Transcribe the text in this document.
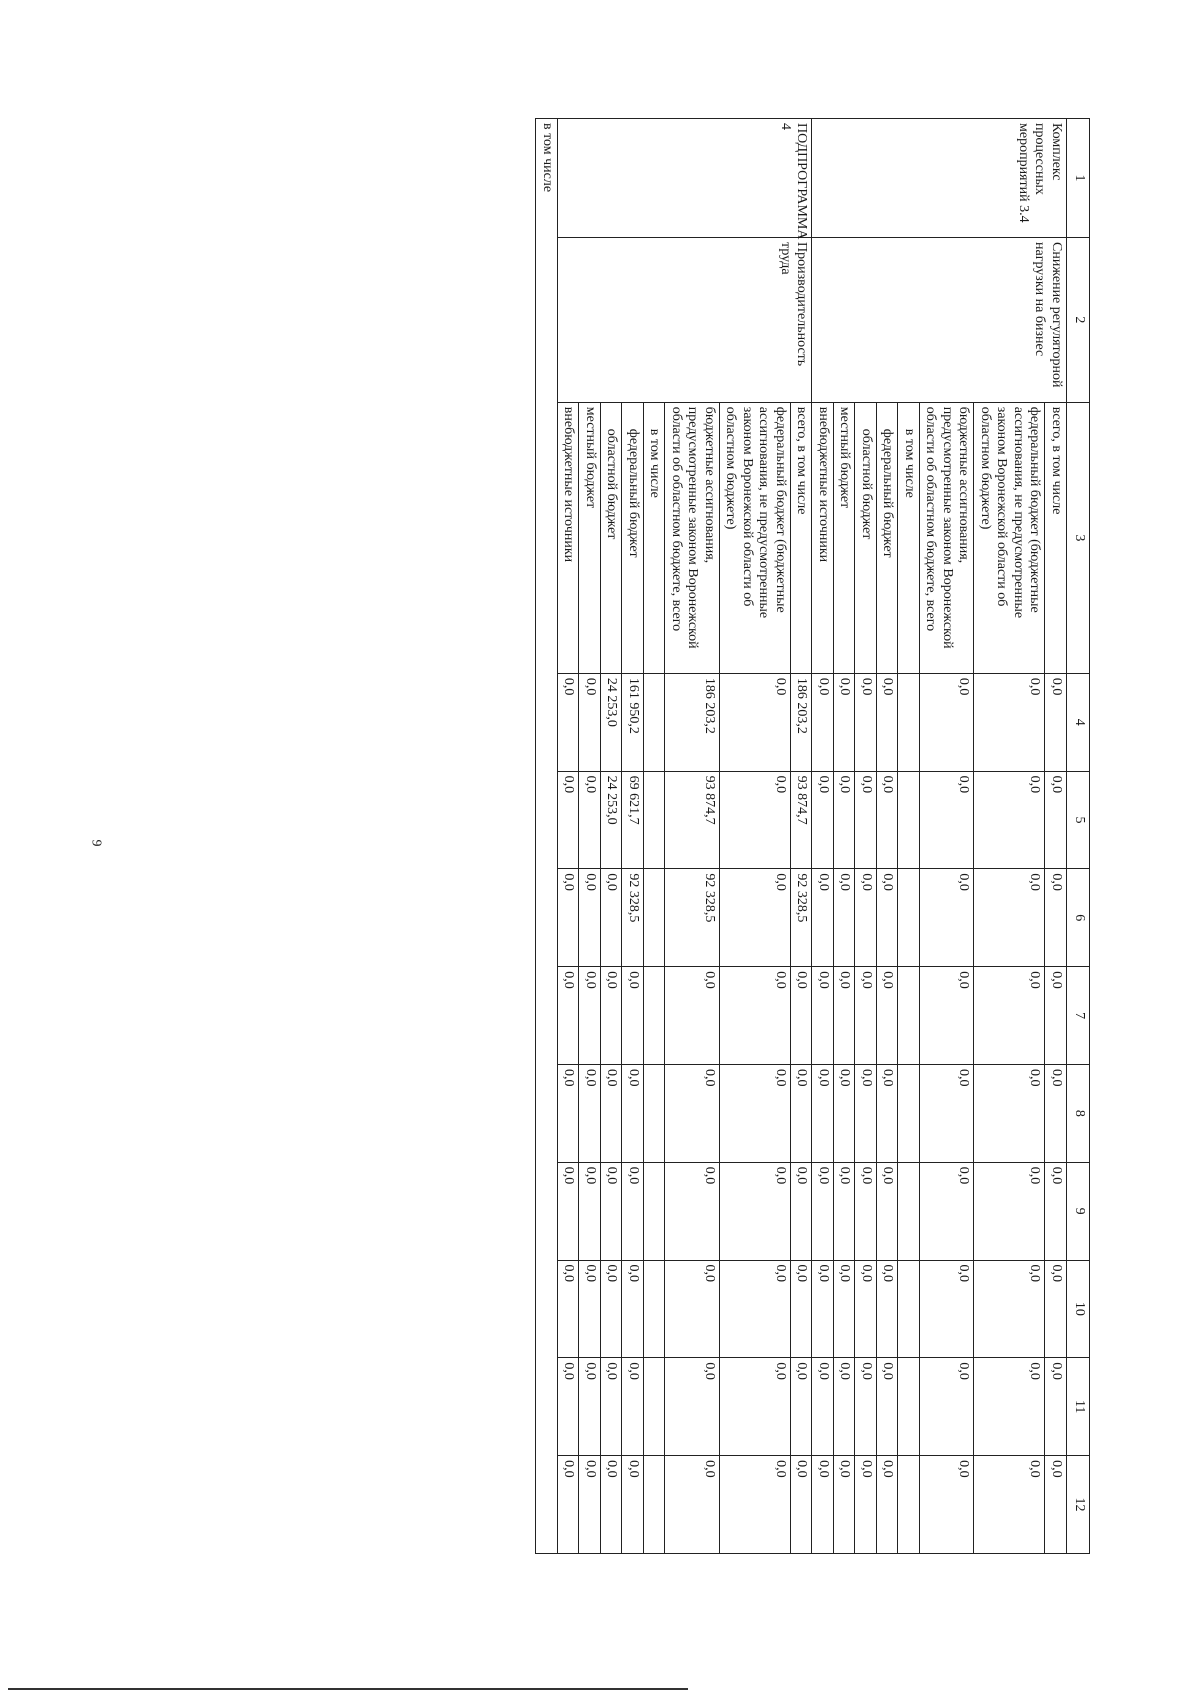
9
1	2	3	4	5	6	7	8	9	10	11	12
Комплекс процессных мероприятий 3.4	Снижение регуляторной нагрузки на бизнес	всего, в том числе	0,0	0,0	0,0	0,0	0,0	0,0	0,0	0,0	0,0
		федеральный бюджет (бюджетные ассигнования, не предусмотренные законом Воронежской области об областном бюджете)	0,0	0,0	0,0	0,0	0,0	0,0	0,0	0,0	0,0
		бюджетные ассигнования, предусмотренные законом Воронежской области об областном бюджете, всего	0,0	0,0	0,0	0,0	0,0	0,0	0,0	0,0	0,0
		в том числе									
		федеральный бюджет	0,0	0,0	0,0	0,0	0,0	0,0	0,0	0,0	0,0
		областной бюджет	0,0	0,0	0,0	0,0	0,0	0,0	0,0	0,0	0,0
		местный бюджет	0,0	0,0	0,0	0,0	0,0	0,0	0,0	0,0	0,0
		внебюджетные источники	0,0	0,0	0,0	0,0	0,0	0,0	0,0	0,0	0,0
ПОДПРОГРАММА 4	Производительность труда	всего, в том числе	186 203,2	93 874,7	92 328,5	0,0	0,0	0,0	0,0	0,0	0,0
		федеральный бюджет (бюджетные ассигнования, не предусмотренные законом Воронежской области об областном бюджете)	0,0	0,0	0,0	0,0	0,0	0,0	0,0	0,0	0,0
		бюджетные ассигнования, предусмотренные законом Воронежской области об областном бюджете, всего	186 203,2	93 874,7	92 328,5	0,0	0,0	0,0	0,0	0,0	0,0
		в том числе									
		федеральный бюджет	161 950,2	69 621,7	92 328,5	0,0	0,0	0,0	0,0	0,0	0,0
		областной бюджет	24 253,0	24 253,0	0,0	0,0	0,0	0,0	0,0	0,0	0,0
		местный бюджет	0,0	0,0	0,0	0,0	0,0	0,0	0,0	0,0	0,0
		внебюджетные источники	0,0	0,0	0,0	0,0	0,0	0,0	0,0	0,0	0,0
в том числе											
